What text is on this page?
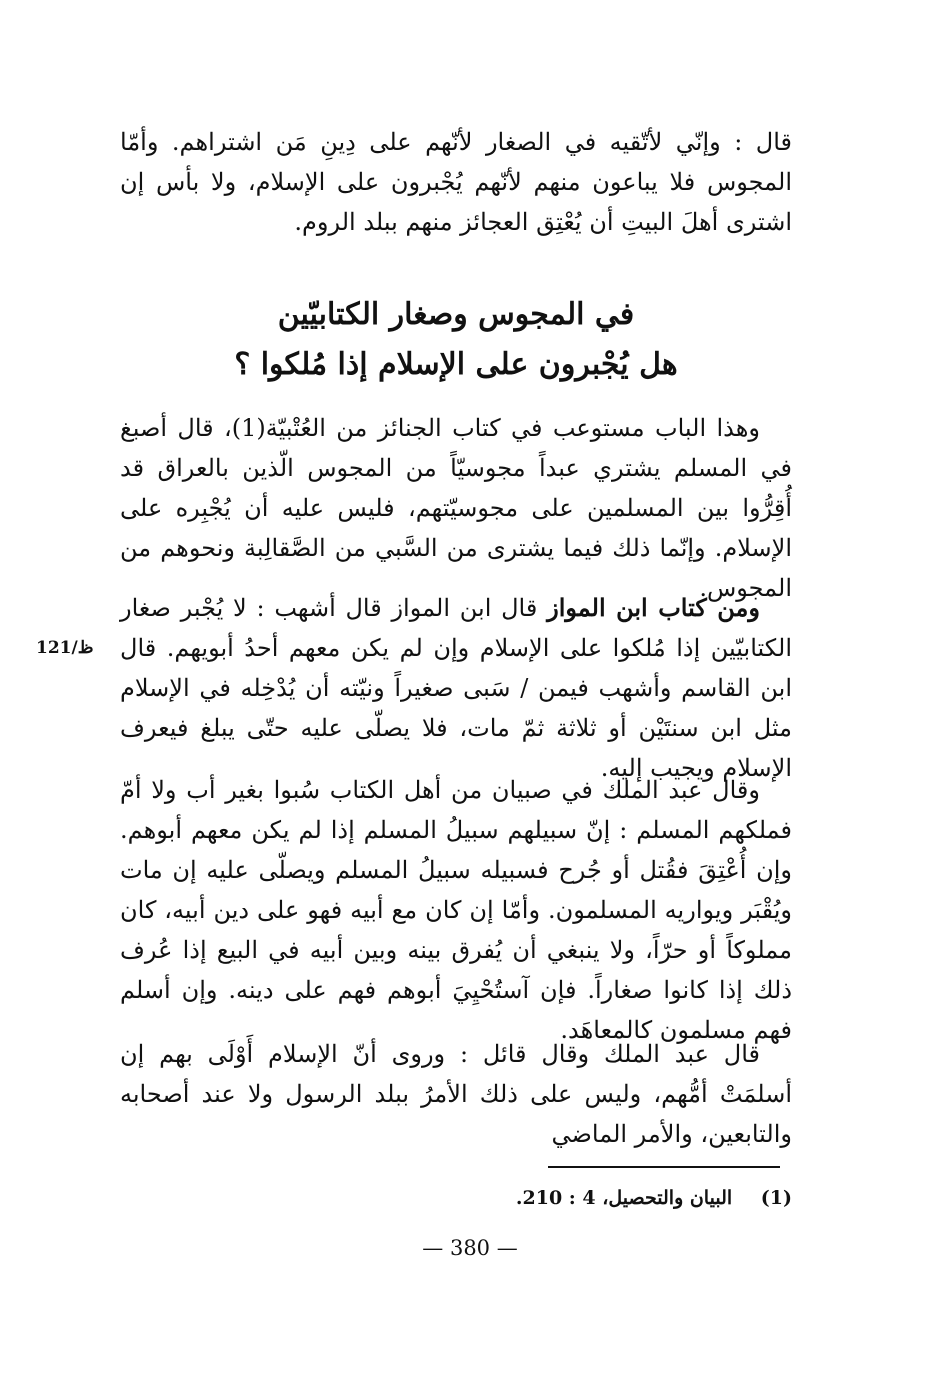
قال : وإنّي لأتّقيه في الصغار لأنّهم على دِينِ مَن اشتراهم. وأمّا المجوس فلا يباعون منهم لأنّهم يُجْبرون على الإسلام، ولا بأس إن اشترى أهلَ البيتِ أن يُعْتِق العجائز منهم ببلد الروم.
في المجوس وصغار الكتابيّين
هل يُجْبرون على الإسلام إذا مُلكوا ؟
وهذا الباب مستوعب في كتاب الجنائز من العُتْبيّة(1)، قال أصبغ في المسلم يشتري عبداً مجوسيّاً من المجوس الّذين بالعراق قد أُقِرُّوا بين المسلمين على مجوسيّتهم، فليس عليه أن يُجْبِره على الإسلام. وإنّما ذلك فيما يشترى من السَّبي من الصَّقالِبة ونحوهم من المجوس.
ومن كتاب ابن المواز قال ابن المواز قال أشهب : لا يُجْبر صغار الكتابيّين إذا مُلكوا على الإسلام وإن لم يكن معهم أحدُ أبويهم. قال ابن القاسم وأشهب فيمن / سَبى صغيراً ونيّته أن يُدْخِله في الإسلام مثل ابن سنتَيْن أو ثلاثة ثمّ مات، فلا يصلّى عليه حتّى يبلغ فيعرف الإسلام ويجيب إليه.
121/ظ
وقال عبد الملك في صبيان من أهل الكتاب سُبوا بغير أب ولا أمّ فملكهم المسلم : إنّ سبيلهم سبيلُ المسلم إذا لم يكن معهم أبوهم. وإن أُعْتِقَ فقُتل أو جُرح فسبيله سبيلُ المسلم ويصلّى عليه إن مات ويُقْبَر ويواريه المسلمون. وأمّا إن كان مع أبيه فهو على دين أبيه، كان مملوكاً أو حرّاً، ولا ينبغي أن يُفرق بينه وبين أبيه في البيع إذا عُرف ذلك إذا كانوا صغاراً. فإن آستُحْيِيَ أبوهم فهم على دينه. وإن أسلم فهم مسلمون كالمعاهَد.
قال عبد الملك وقال قائل : وروى أنّ الإسلام أَوْلَى بهم إن أسلمَتْ أمُّهم، وليس على ذلك الأمرُ ببلد الرسول ولا عند أصحابه والتابعين، والأمر الماضي
(1) البيان والتحصيل، 4 : 210.
— 380 —
